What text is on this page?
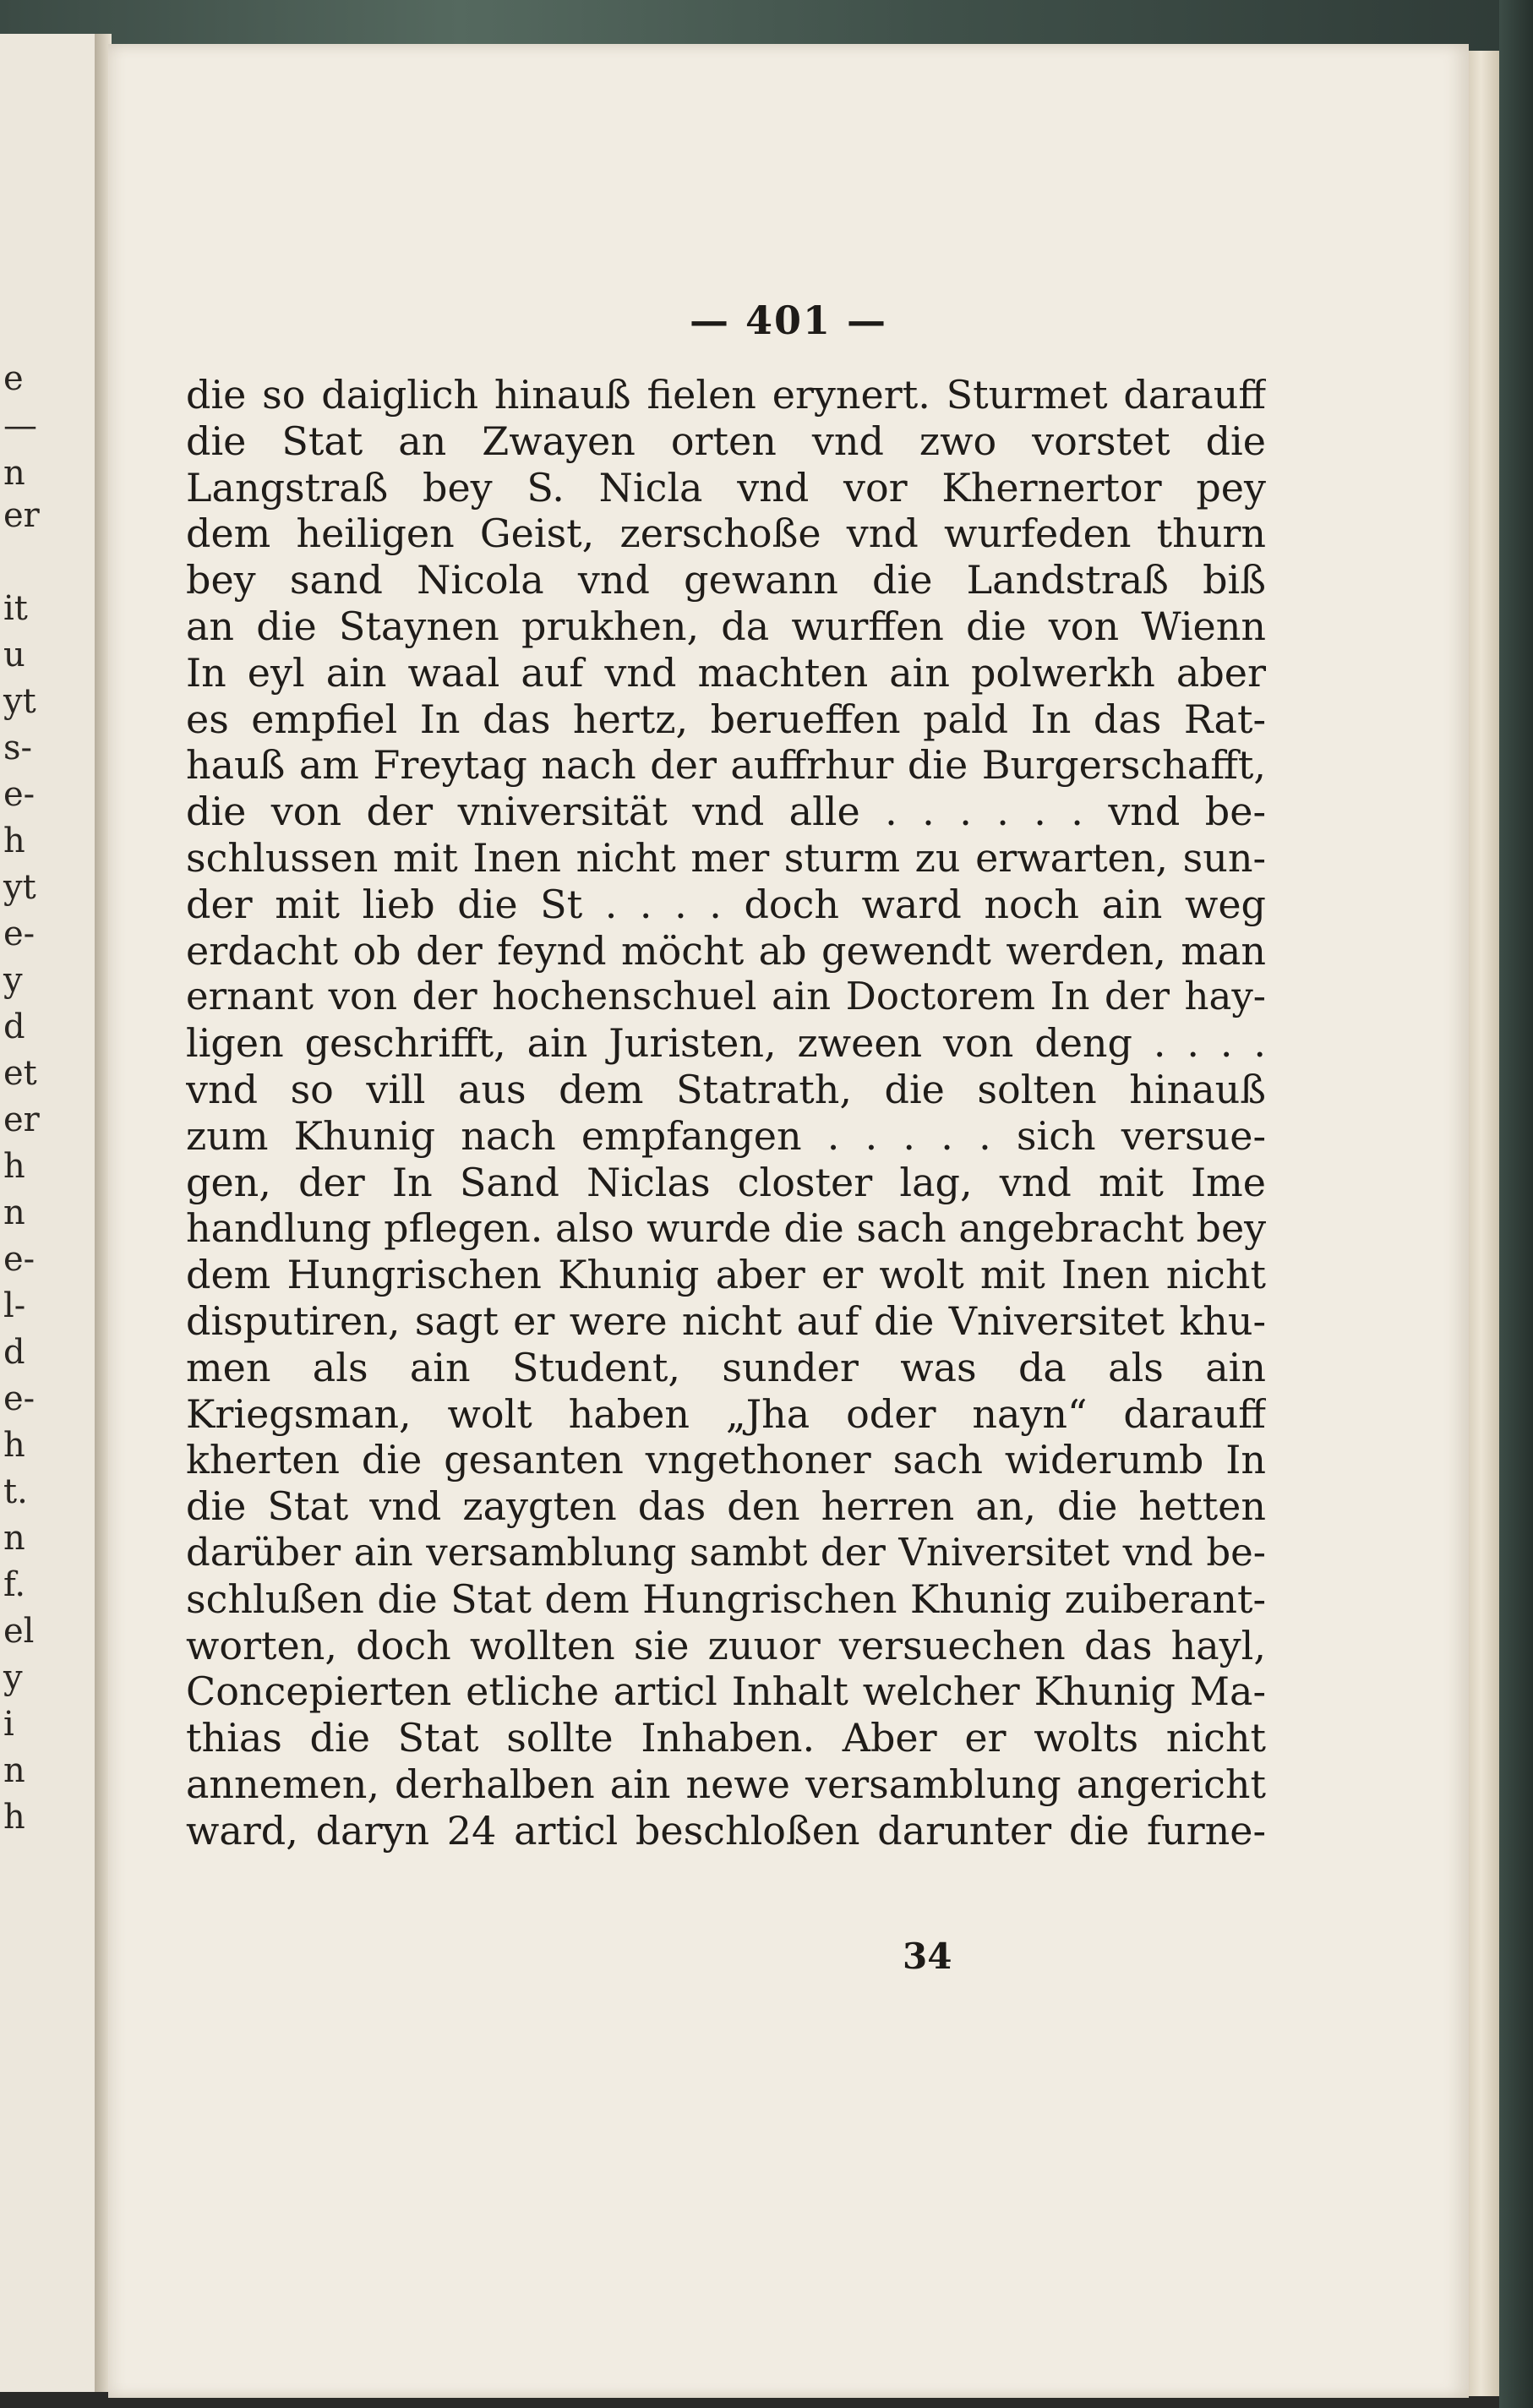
e
—
n
er
it
u
yt
s-
e-
h
yt
e-
y
d
et
er
h
n
e-
l-
d
e-
h
t.
n
f.
el
y
i
n
h
— 401 —
die so daiglich hinauß fielen erynert. Sturmet darauff
die Stat an Zwayen orten vnd zwo vorstet die
Langstraß bey S. Nicla vnd vor Khernertor pey
dem heiligen Geist, zerschoße vnd wurfeden thurn
bey sand Nicola vnd gewann die Landstraß biß
an die Staynen prukhen, da wurffen die von Wienn
In eyl ain waal auf vnd machten ain polwerkh aber
es empfiel In das hertz, berueffen pald In das Rat-
hauß am Freytag nach der auffrhur die Burgerschafft,
die von der vniversität vnd alle . . . . . . vnd be-
schlussen mit Inen nicht mer sturm zu erwarten, sun-
der mit lieb die St . . . . doch ward noch ain weg
erdacht ob der feynd möcht ab gewendt werden, man
ernant von der hochenschuel ain Doctorem In der hay-
ligen geschrifft, ain Juristen, zween von deng . . . .
vnd so vill aus dem Statrath, die solten hinauß
zum Khunig nach empfangen . . . . . sich versue-
gen, der In Sand Niclas closter lag, vnd mit Ime
handlung pflegen. also wurde die sach angebracht bey
dem Hungrischen Khunig aber er wolt mit Inen nicht
disputiren, sagt er were nicht auf die Vniversitet khu-
men als ain Student, sunder was da als ain
Kriegsman, wolt haben „Jha oder nayn“ darauff
kherten die gesanten vngethoner sach widerumb In
die Stat vnd zaygten das den herren an, die hetten
darüber ain versamblung sambt der Vniversitet vnd be-
schlußen die Stat dem Hungrischen Khunig zuiberant-
worten, doch wollten sie zuuor versuechen das hayl,
Concepierten etliche articl Inhalt welcher Khunig Ma-
thias die Stat sollte Inhaben. Aber er wolts nicht
annemen, derhalben ain newe versamblung angericht
ward, daryn 24 articl beschloßen darunter die furne-
34
